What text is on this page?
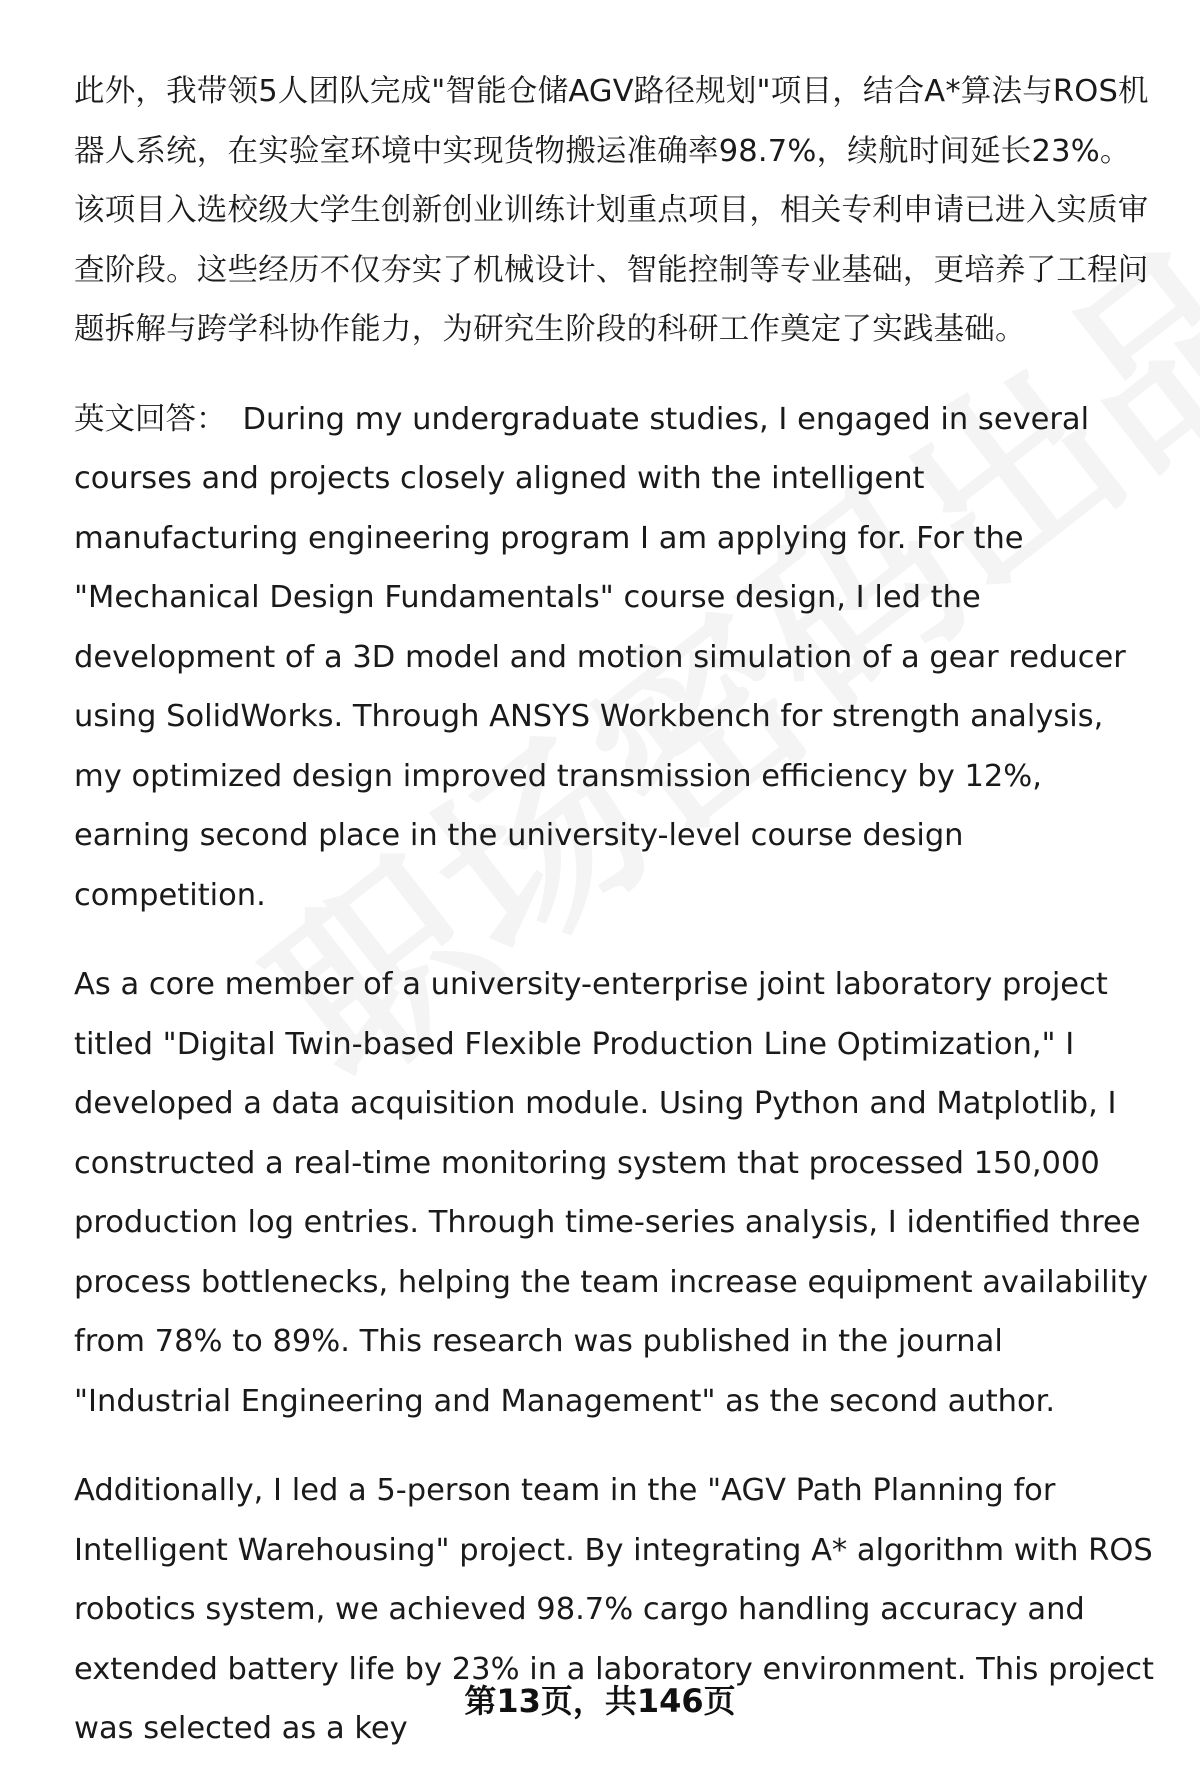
此外，我带领5人团队完成"智能仓储AGV路径规划"项目，结合A*算法与ROS机器人系统，在实验室环境中实现货物搬运准确率98.7%，续航时间延长23%。该项目入选校级大学生创新创业训练计划重点项目，相关专利申请已进入实质审查阶段。这些经历不仅夯实了机械设计、智能控制等专业基础，更培养了工程问题拆解与跨学科协作能力，为研究生阶段的科研工作奠定了实践基础。

英文回答： During my undergraduate studies, I engaged in several courses and projects closely aligned with the intelligent manufacturing engineering program I am applying for. For the "Mechanical Design Fundamentals" course design, I led the development of a 3D model and motion simulation of a gear reducer using SolidWorks. Through ANSYS Workbench for strength analysis, my optimized design improved transmission efficiency by 12%, earning second place in the university-level course design competition.

As a core member of a university-enterprise joint laboratory project titled "Digital Twin-based Flexible Production Line Optimization," I developed a data acquisition module. Using Python and Matplotlib, I constructed a real-time monitoring system that processed 150,000 production log entries. Through time-series analysis, I identified three process bottlenecks, helping the team increase equipment availability from 78% to 89%. This research was published in the journal "Industrial Engineering and Management" as the second author.

Additionally, I led a 5-person team in the "AGV Path Planning for Intelligent Warehousing" project. By integrating A* algorithm with ROS robotics system, we achieved 98.7% cargo handling accuracy and extended battery life by 23% in a laboratory environment. This project was selected as a key

第13页，共146页
